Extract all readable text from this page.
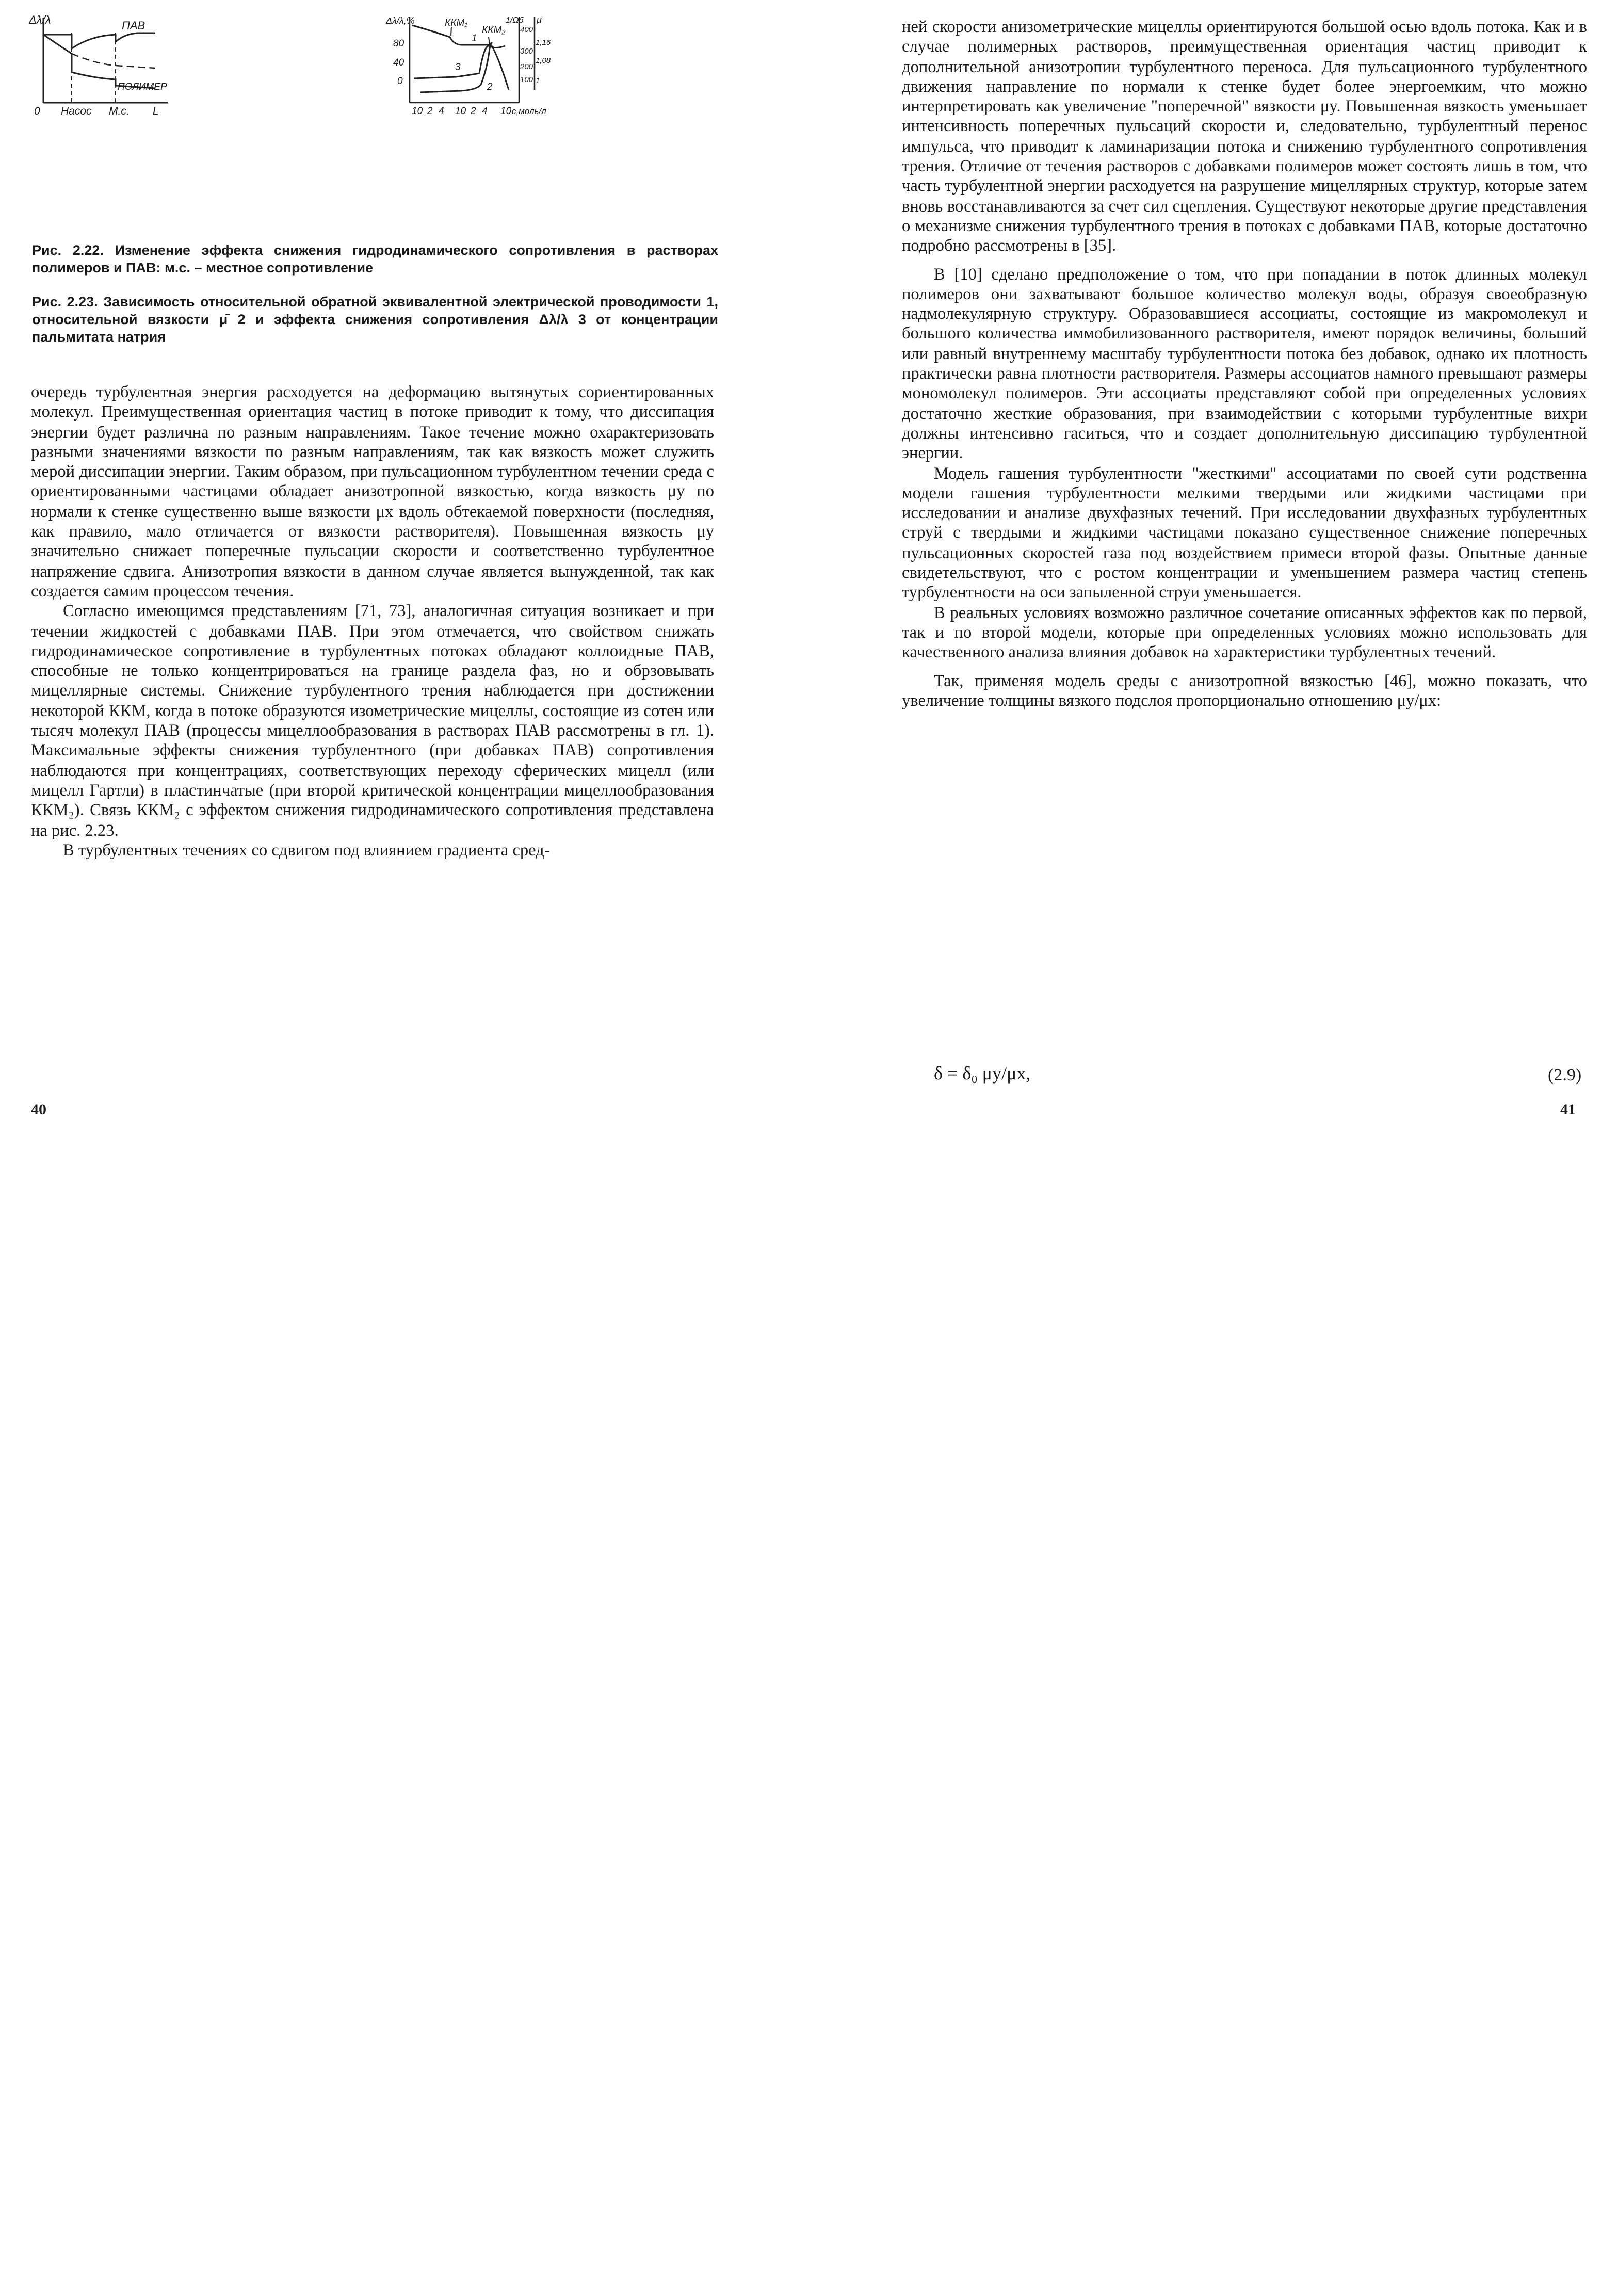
Δλ/λ	ПАВ
ПОЛИМЕР
0 Насос М.с. L
Δλ/λ,%
80
40
0
1/Ωб
400
300
200
100
μ̄
1,16
1,08
1
ККМ₁
ККМ₂
1
2
3
10 2 4 10 2 4 10 с,моль/л
Рис. 2.22. Изменение эффекта снижения гидродинамического сопротивления в растворах полимеров и ПАВ: м.с. – местное сопротивление
Рис. 2.23. Зависимость относительной обратной эквивалентной электрической проводимости 1, относительной вязкости μ̄ 2 и эффекта снижения сопротивления Δλ/λ 3 от концентрации пальмитата натрия

очередь турбулентная энергия расходуется на деформацию вытянутых сориентированных молекул. Преимущественная ориентация частиц в потоке приводит к тому, что диссипация энергии будет различна по разным направлениям. Такое течение можно охарактеризовать разными значениями вязкости по разным направлениям, так как вязкость может служить мерой диссипации энергии. Таким образом, при пульсационном турбулентном течении среда с ориентированными частицами обладает анизотропной вязкостью, когда вязкость μy по нормали к стенке существенно выше вязкости μx вдоль обтекаемой поверхности (последняя, как правило, мало отличается от вязкости растворителя). Повышенная вязкость μy значительно снижает поперечные пульсации скорости и соответственно турбулентное напряжение сдвига. Анизотропия вязкости в данном случае является вынужденной, так как создается самим процессом течения.

Согласно имеющимся представлениям [71, 73], аналогичная ситуация возникает и при течении жидкостей с добавками ПАВ. При этом отмечается, что свойством снижать гидродинамическое сопротивление в турбулентных потоках обладают коллоидные ПАВ, способные не только концентрироваться на границе раздела фаз, но и обрзовывать мицеллярные системы. Снижение турбулентного трения наблюдается при достижении некоторой ККМ, когда в потоке образуются изометрические мицеллы, состоящие из сотен или тысяч молекул ПАВ (процессы мицеллообразования в растворах ПАВ рассмотрены в гл. 1). Максимальные эффекты снижения турбулентного (при добавках ПАВ) сопротивления наблюдаются при концентрациях, соответствующих переходу сферических мицелл (или мицелл Гартли) в пластинчатые (при второй критической концентрации мицеллообразования ККМ₂). Связь ККМ₂ с эффектом снижения гидродинамического сопротивления представлена на рис. 2.23.

В турбулентных течениях со сдвигом под влиянием градиента сред-

40

ней скорости анизометрические мицеллы ориентируются большой осью вдоль потока. Как и в случае полимерных растворов, преимущественная ориентация частиц приводит к дополнительной анизотропии турбулентного переноса. Для пульсационного турбулентного движения направление по нормали к стенке будет более энергоемким, что можно интерпретировать как увеличение "поперечной" вязкости μy. Повышенная вязкость уменьшает интенсивность поперечных пульсаций скорости и, следовательно, турбулентный перенос импульса, что приводит к ламинаризации потока и снижению турбулентного сопротивления трения. Отличие от течения растворов с добавками полимеров может состоять лишь в том, что часть турбулентной энергии расходуется на разрушение мицеллярных структур, которые затем вновь восстанавливаются за счет сил сцепления. Существуют некоторые другие представления о механизме снижения турбулентного трения в потоках с добавками ПАВ, которые достаточно подробно рассмотрены в [35].

В [10] сделано предположение о том, что при попадании в поток длинных молекул полимеров они захватывают большое количество молекул воды, образуя своеобразную надмолекулярную структуру. Образовавшиеся ассоциаты, состоящие из макромолекул и большого количества иммобилизованного растворителя, имеют порядок величины, больший или равный внутреннему масштабу турбулентности потока без добавок, однако их плотность практически равна плотности растворителя. Размеры ассоциатов намного превышают размеры мономолекул полимеров. Эти ассоциаты представляют собой при определенных условиях достаточно жесткие образования, при взаимодействии с которыми турбулентные вихри должны интенсивно гаситься, что и создает дополнительную диссипацию турбулентной энергии.

Модель гашения турбулентности "жесткими" ассоциатами по своей сути родственна модели гашения турбулентности мелкими твердыми или жидкими частицами при исследовании и анализе двухфазных течений. При исследовании двухфазных турбулентных струй с твердыми и жидкими частицами показано существенное снижение поперечных пульсационных скоростей газа под воздействием примеси второй фазы. Опытные данные свидетельствуют, что с ростом концентрации и уменьшением размера частиц степень турбулентности на оси запыленной струи уменьшается.

В реальных условиях возможно различное сочетание описанных эффектов как по первой, так и по второй модели, которые при определенных условиях можно использовать для качественного анализа влияния добавок на характеристики турбулентных течений.

Так, применяя модель среды с анизотропной вязкостью [46], можно показать, что увеличение толщины вязкого подслоя пропорционально отношению μy/μx:

δ = δ₀ μy/μx,	(2.9)
41
